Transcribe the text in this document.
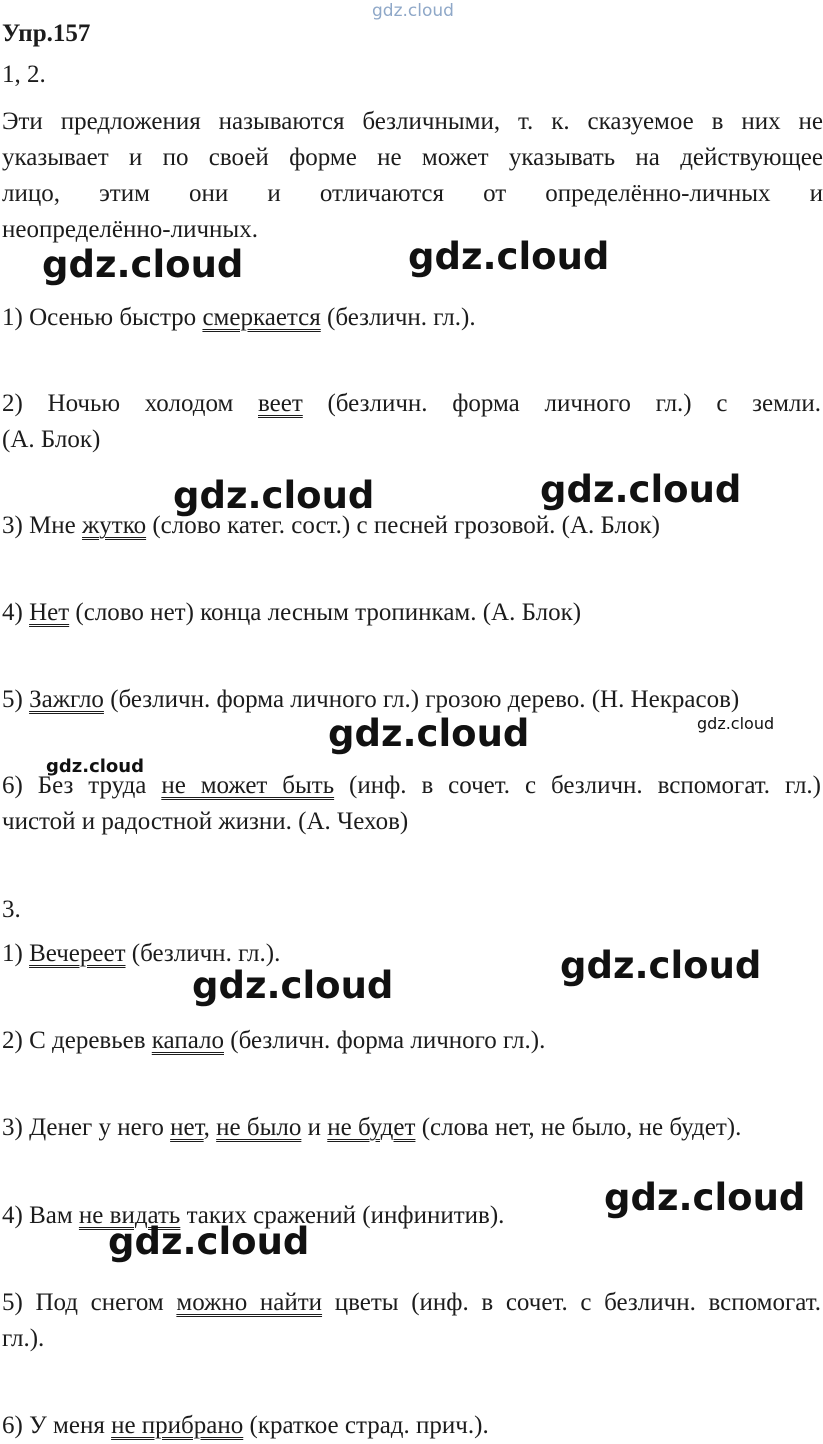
gdz.cloud
Упр.157
1, 2.
Эти предложения называются безличными, т. к. сказуемое в них не
указывает и по своей форме не может указывать на действующее
лицо, этим они и отличаются от определённо-личных и
неопределённо-личных.
1) Осенью быстро смеркается (безличн. гл.).
2) Ночью холодом веет (безличн. форма личного гл.) с земли.
(А. Блок)
3) Мне жутко (слово катег. сост.) с песней грозовой. (А. Блок)
4) Нет (слово нет) конца лесным тропинкам. (А. Блок)
5) Зажгло (безличн. форма личного гл.) грозою дерево. (Н. Некрасов)
6) Без труда не может быть (инф. в сочет. с безличн. вспомогат. гл.)
чистой и радостной жизни. (А. Чехов)
3.
1) Вечереет (безличн. гл.).
2) С деревьев капало (безличн. форма личного гл.).
3) Денег у него нет, не было и не будет (слова нет, не было, не будет).
4) Вам не видать таких сражений (инфинитив).
5) Под снегом можно найти цветы (инф. в сочет. с безличн. вспомогат.
гл.).
6) У меня не прибрано (краткое страд. прич.).
gdz.cloud	gdz.cloud
gdz.cloud	gdz.cloud
gdz.cloud
gdz.cloud	gdz.cloud
gdz.cloud
gdz.cloud
gdz.cloud
gdz.cloud
